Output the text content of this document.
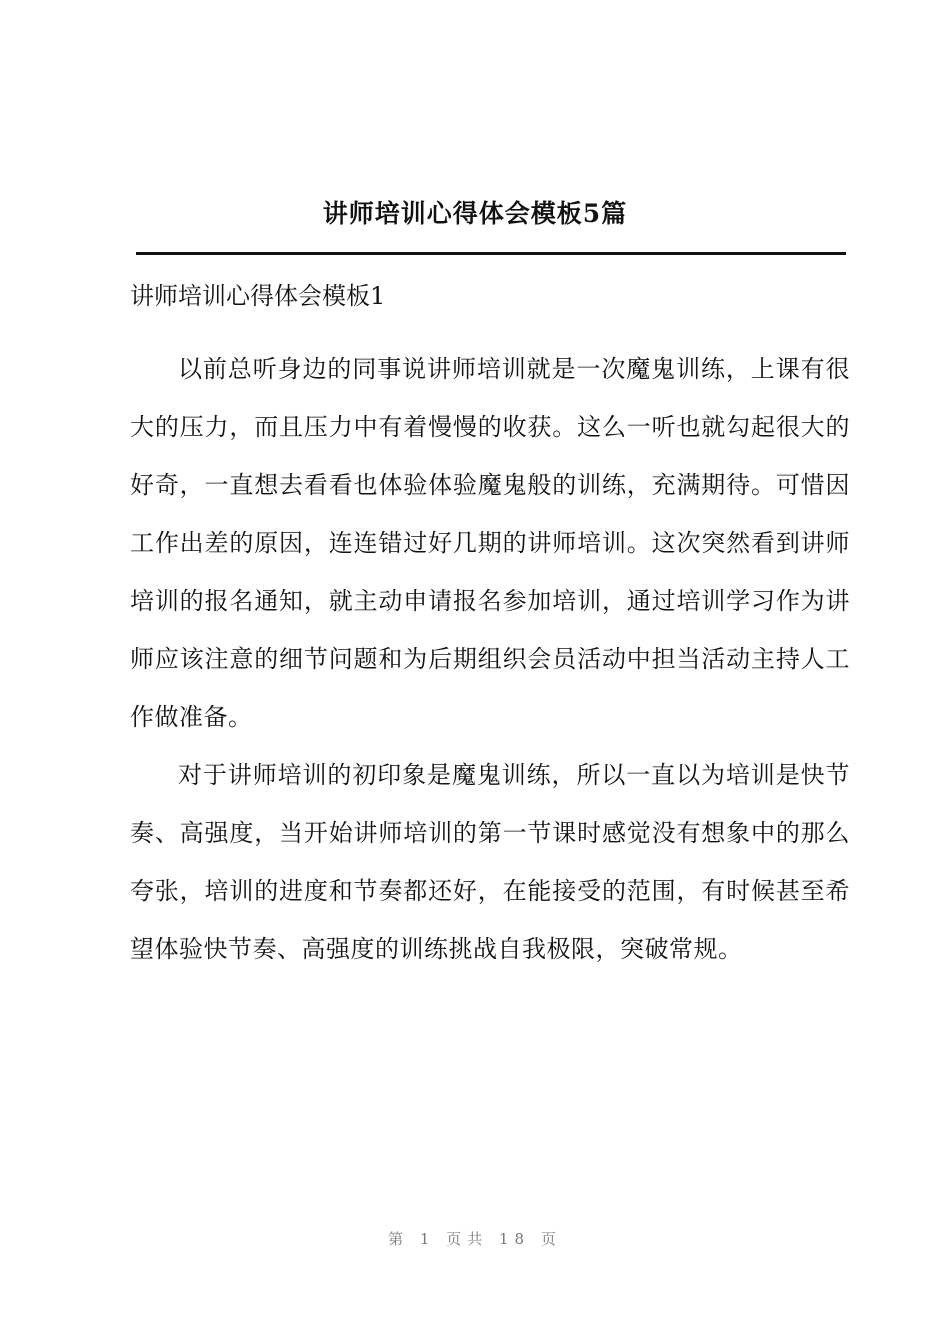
讲师培训心得体会模板5篇
讲师培训心得体会模板1

以前总听身边的同事说讲师培训就是一次魔鬼训练，上课有很大的压力，而且压力中有着慢慢的收获。这么一听也就勾起很大的好奇，一直想去看看也体验体验魔鬼般的训练，充满期待。可惜因工作出差的原因，连连错过好几期的讲师培训。这次突然看到讲师培训的报名通知，就主动申请报名参加培训，通过培训学习作为讲师应该注意的细节问题和为后期组织会员活动中担当活动主持人工作做准备。

对于讲师培训的初印象是魔鬼训练，所以一直以为培训是快节奏、高强度，当开始讲师培训的第一节课时感觉没有想象中的那么夸张，培训的进度和节奏都还好，在能接受的范围，有时候甚至希望体验快节奏、高强度的训练挑战自我极限，突破常规。

第 1 页共 18 页
